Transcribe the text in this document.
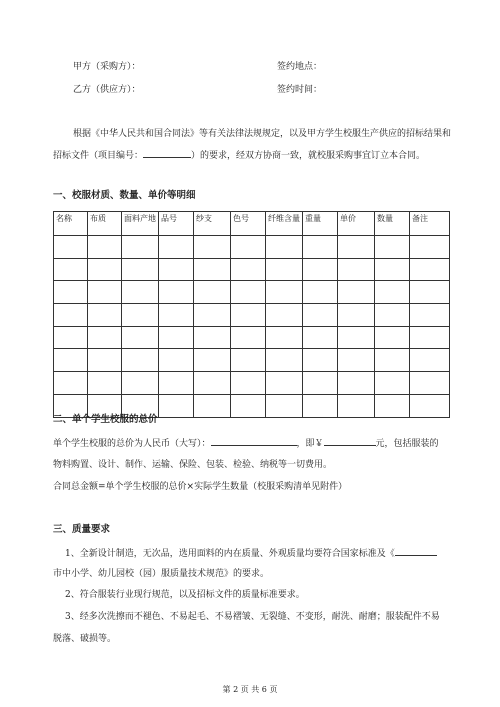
甲方（采购方）：	签约地点：
乙方（供应方）：	签约时间：
根据《中华人民共和国合同法》等有关法律法规规定，以及甲方学生校服生产供应的招标结果和
招标文件（项目编号：	）的要求，经双方协商一致，就校服采购事宜订立本合同。
一、校服材质、数量、单价等明细
名称	布质	面料产地	品号	纱支	色号	纤维含量	重量	单价	数量	备注

二、单个学生校服的总价
单个学生校服的总价为人民币（大写）：	，即￥	元，包括服装的
物料购置、设计、制作、运输、保险、包装、检验、纳税等一切费用。
合同总金额=单个学生校服的总价×实际学生数量（校服采购清单见附件）
三、质量要求
1、全新设计制造，无次品，选用面料的内在质量、外观质量均要符合国家标准及《
市中小学、幼儿园校（园）服质量技术规范》的要求。
2、符合服装行业现行规范，以及招标文件的质量标准要求。
3、经多次洗擦而不褪色、不易起毛、不易褶皱、无裂缝、不变形，耐洗、耐磨；服装配件不易
脱落、破损等。
第 2 页 共 6 页
